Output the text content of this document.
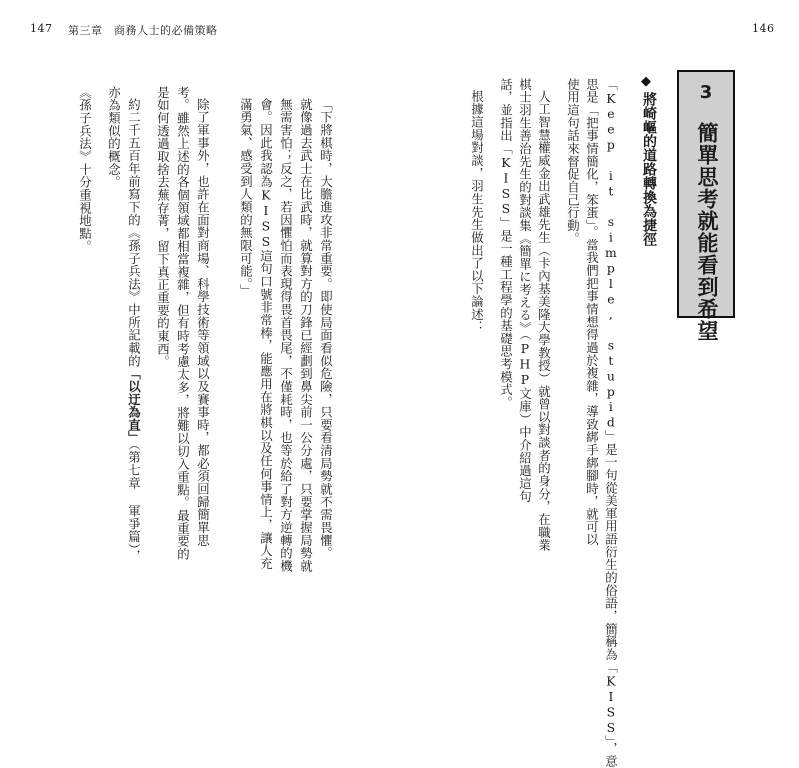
147 第三章　商務人士的必備策略	146
3
簡單思考就能看到希望
◆
將崎嶇的道路轉換為捷徑
「Keep it simple, stupid」是一句從美軍用語衍生的俗語，簡稱為「KISS」，意
思是「把事情簡化，笨蛋」。當我們把事情想得過於複雜，導致綁手綁腳時，就可以
使用這句話來督促自己行動。
人工智慧權威金出武雄先生（卡內基美隆大學教授）就曾以對談者的身分，在職業
棋士羽生善治先生的對談集《簡單に考える》（PHP文庫）中介紹過這句
話，並指出「KISS」是一種工程學的基礎思考模式。
根據這場對談，羽生先生做出了以下論述：
「下將棋時，大膽進攻非常重要。即使局面看似危險，只要看清局勢就不需畏懼。
就像過去武士在比武時，就算對方的刀鋒已經劃到鼻尖前一公分處，只要掌握局勢就
無需害怕；反之，若因懼怕而表現得畏首畏尾，不僅耗時，也等於給了對方逆轉的機
會。因此我認為KISS這句口號非常棒，能應用在將棋以及任何事情上，讓人充
滿勇氣、感受到人類的無限可能。」
除了軍事外，也許在面對商場、科學技術等領域以及賽事時，都必須回歸簡單思
考。雖然上述的各個領域都相當複雜，但有時考慮太多，將難以切入重點。最重要的
是如何透過取捨去蕪存菁，留下真正重要的東西。
約二千五百年前寫下的《孫子兵法》中所記載的「以迂為直」（第七章 軍爭篇），
亦為類似的概念。
《孫子兵法》十分重視地點。
